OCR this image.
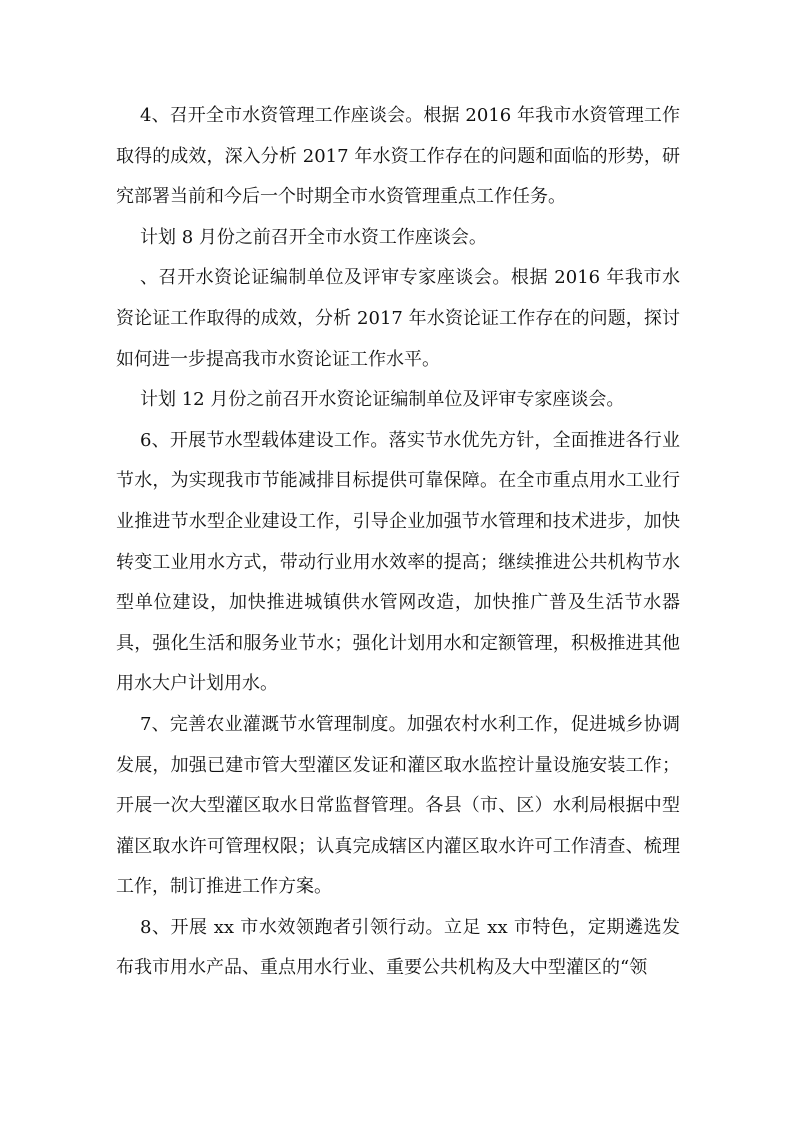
4、召开全市水资管理工作座谈会。根据 2016 年我市水资管理工作取得的成效，深入分析 2017 年水资工作存在的问题和面临的形势，研究部署当前和今后一个时期全市水资管理重点工作任务。

计划 8 月份之前召开全市水资工作座谈会。

、召开水资论证编制单位及评审专家座谈会。根据 2016 年我市水资论证工作取得的成效，分析 2017 年水资论证工作存在的问题，探讨如何进一步提高我市水资论证工作水平。

计划 12 月份之前召开水资论证编制单位及评审专家座谈会。

6、开展节水型载体建设工作。落实节水优先方针，全面推进各行业节水，为实现我市节能减排目标提供可靠保障。在全市重点用水工业行业推进节水型企业建设工作，引导企业加强节水管理和技术进步，加快转变工业用水方式，带动行业用水效率的提高；继续推进公共机构节水型单位建设，加快推进城镇供水管网改造，加快推广普及生活节水器具，强化生活和服务业节水；强化计划用水和定额管理，积极推进其他用水大户计划用水。

7、完善农业灌溉节水管理制度。加强农村水利工作，促进城乡协调发展，加强已建市管大型灌区发证和灌区取水监控计量设施安装工作；开展一次大型灌区取水日常监督管理。各县（市、区）水利局根据中型灌区取水许可管理权限；认真完成辖区内灌区取水许可工作清查、梳理工作，制订推进工作方案。

8、开展 xx 市水效领跑者引领行动。立足 xx 市特色，定期遴选发布我市用水产品、重点用水行业、重要公共机构及大中型灌区的“领
